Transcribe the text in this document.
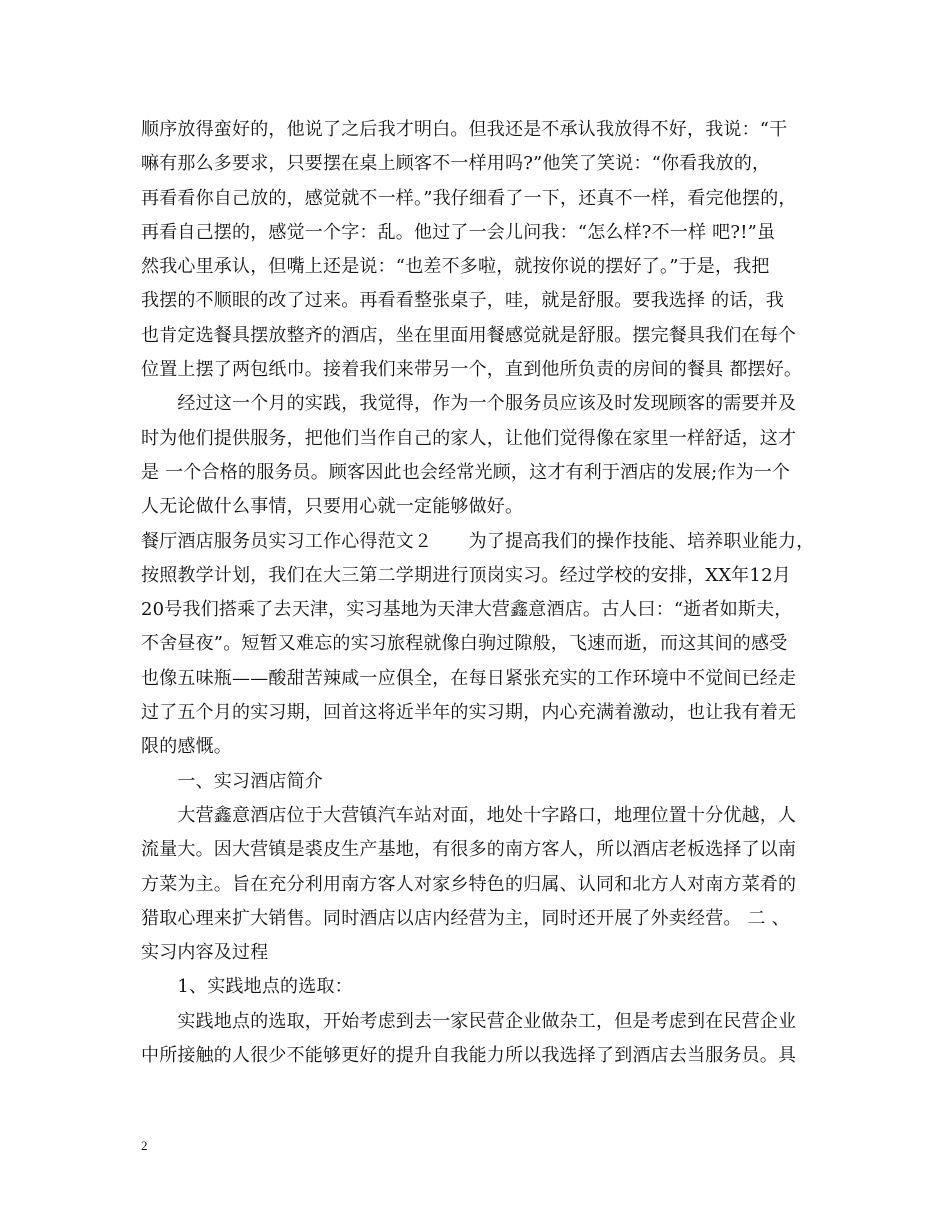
顺序放得蛮好的，他说了之后我才明白。但我还是不承认我放得不好，我说：“干
嘛有那么多要求，只要摆在桌上顾客不一样用吗?”他笑了笑说：“你看我放的，
再看看你自己放的，感觉就不一样。”我仔细看了一下，还真不一样，看完他摆的，
再看自己摆的，感觉一个字：乱。他过了一会儿问我：“怎么样?不一样 吧?!”虽
然我心里承认，但嘴上还是说：“也差不多啦，就按你说的摆好了。”于是，我把
我摆的不顺眼的改了过来。再看看整张桌子，哇，就是舒服。要我选择 的话，我
也肯定选餐具摆放整齐的酒店，坐在里面用餐感觉就是舒服。摆完餐具我们在每个
位置上摆了两包纸巾。接着我们来带另一个，直到他所负责的房间的餐具 都摆好。
　　经过这一个月的实践，我觉得，作为一个服务员应该及时发现顾客的需要并及
时为他们提供服务，把他们当作自己的家人，让他们觉得像在家里一样舒适，这才
是 一个合格的服务员。顾客因此也会经常光顾，这才有利于酒店的发展;作为一个
人无论做什么事情，只要用心就一定能够做好。
餐厅酒店服务员实习工作心得范文２　　为了提高我们的操作技能、培养职业能力，
按照教学计划，我们在大三第二学期进行顶岗实习。经过学校的安排，XX年12月
20号我们搭乘了去天津，实习基地为天津大营鑫意酒店。古人曰：“逝者如斯夫，
不舍昼夜”。短暂又难忘的实习旅程就像白驹过隙般，飞速而逝，而这其间的感受
也像五味瓶——酸甜苦辣咸一应俱全，在每日紧张充实的工作环境中不觉间已经走
过了五个月的实习期，回首这将近半年的实习期，内心充满着激动，也让我有着无
限的感慨。
　　一、实习酒店简介
　　大营鑫意酒店位于大营镇汽车站对面，地处十字路口，地理位置十分优越，人
流量大。因大营镇是裘皮生产基地，有很多的南方客人，所以酒店老板选择了以南
方菜为主。旨在充分利用南方客人对家乡特色的归属、认同和北方人对南方菜肴的
猎取心理来扩大销售。同时酒店以店内经营为主，同时还开展了外卖经营。 二 、
实习内容及过程
　　1、实践地点的选取：
　　实践地点的选取，开始考虑到去一家民营企业做杂工，但是考虑到在民营企业
中所接触的人很少不能够更好的提升自我能力所以我选择了到酒店去当服务员。具
2
